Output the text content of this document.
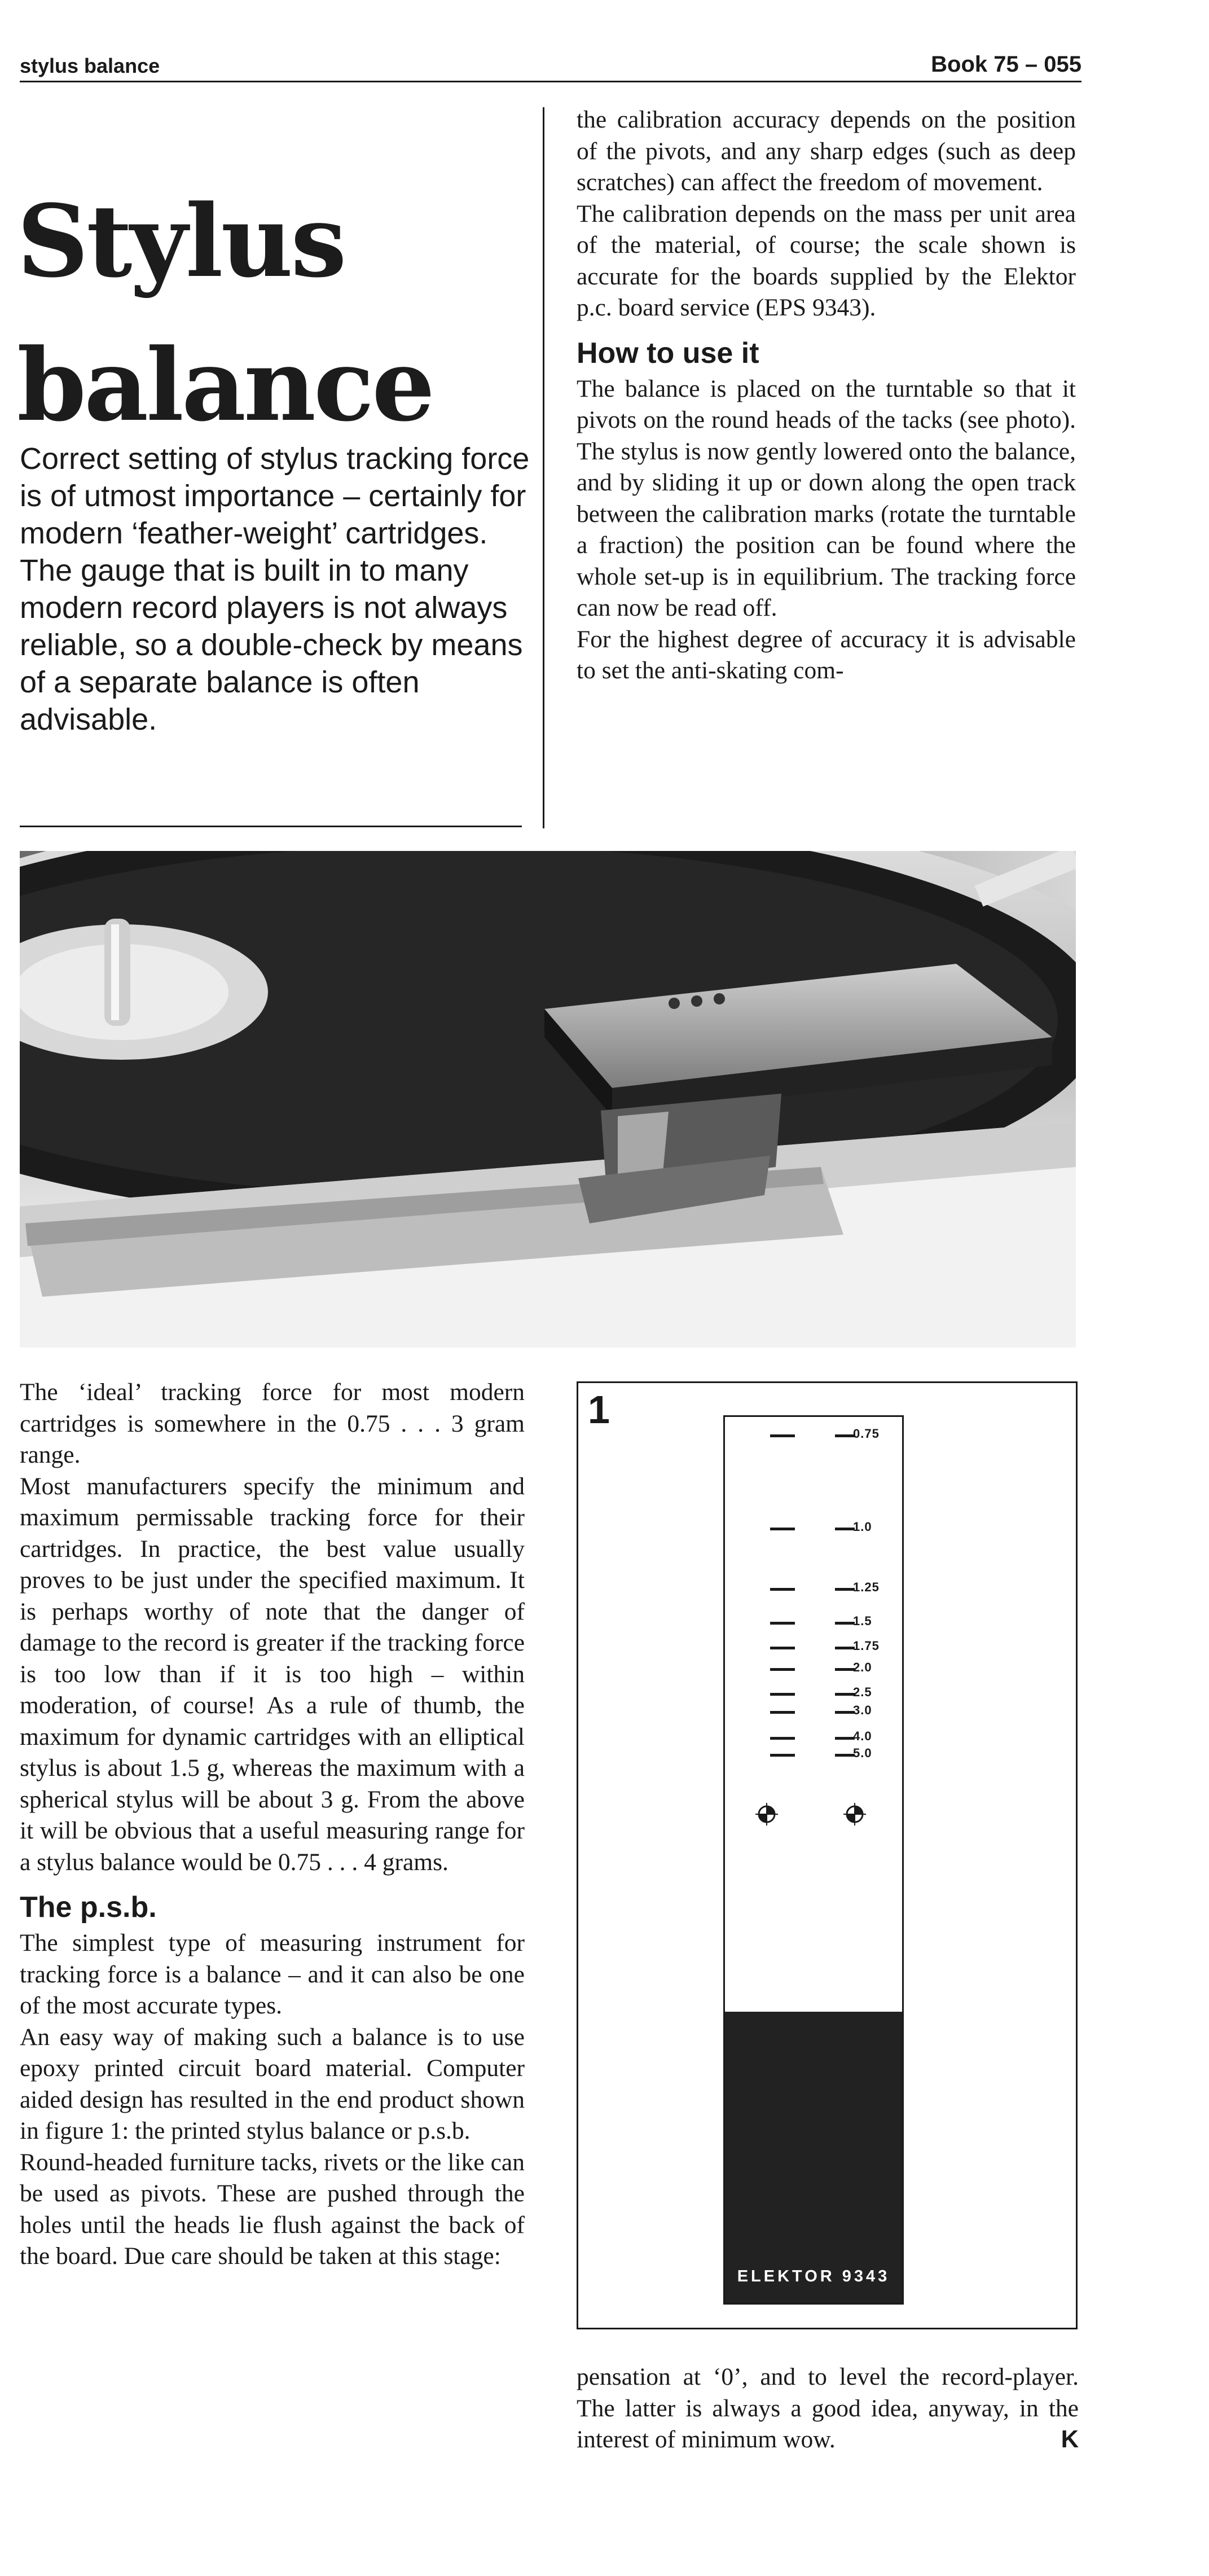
stylus balance	Book 75 – 055
Stylus
balance

Correct setting of stylus tracking force is of utmost importance – certainly for modern ‘feather-weight’ cartridges. The gauge that is built in to many modern record players is not always reliable, so a double-check by means of a separate balance is often advisable.

the calibration accuracy depends on the position of the pivots, and any sharp edges (such as deep scratches) can affect the freedom of movement.

The calibration depends on the mass per unit area of the material, of course; the scale shown is accurate for the boards supplied by the Elektor p.c. board service (EPS 9343).

How to use it

The balance is placed on the turntable so that it pivots on the round heads of the tacks (see photo). The stylus is now gently lowered onto the balance, and by sliding it up or down along the open track between the calibration marks (rotate the turntable a fraction) the position can be found where the whole set-up is in equilibrium. The tracking force can now be read off.

For the highest degree of accuracy it is advisable to set the anti-skating com-

The ‘ideal’ tracking force for most modern cartridges is somewhere in the 0.75 . . . 3 gram range.

Most manufacturers specify the minimum and maximum permissable tracking force for their cartridges. In practice, the best value usually proves to be just under the specified maximum. It is perhaps worthy of note that the danger of damage to the record is greater if the tracking force is too low than if it is too high – within moderation, of course! As a rule of thumb, the maximum for dynamic cartridges with an elliptical stylus is about 1.5 g, whereas the maximum with a spherical stylus will be about 3 g. From the above it will be obvious that a useful measuring range for a stylus balance would be 0.75 . . . 4 grams.

The p.s.b.

The simplest type of measuring instrument for tracking force is a balance – and it can also be one of the most accurate types.

An easy way of making such a balance is to use epoxy printed circuit board material. Computer aided design has resulted in the end product shown in figure 1: the printed stylus balance or p.s.b.

Round-headed furniture tacks, rivets or the like can be used as pivots. These are pushed through the holes until the heads lie flush against the back of the board. Due care should be taken at this stage:

1
ELEKTOR 9343
0.75
1.0
1.25
1.5
1.75
2.0
2.5
3.0
4.0
5.0

pensation at ‘0’, and to level the record-player. The latter is always a good idea, anyway, in the interest of minimum wow.	K
